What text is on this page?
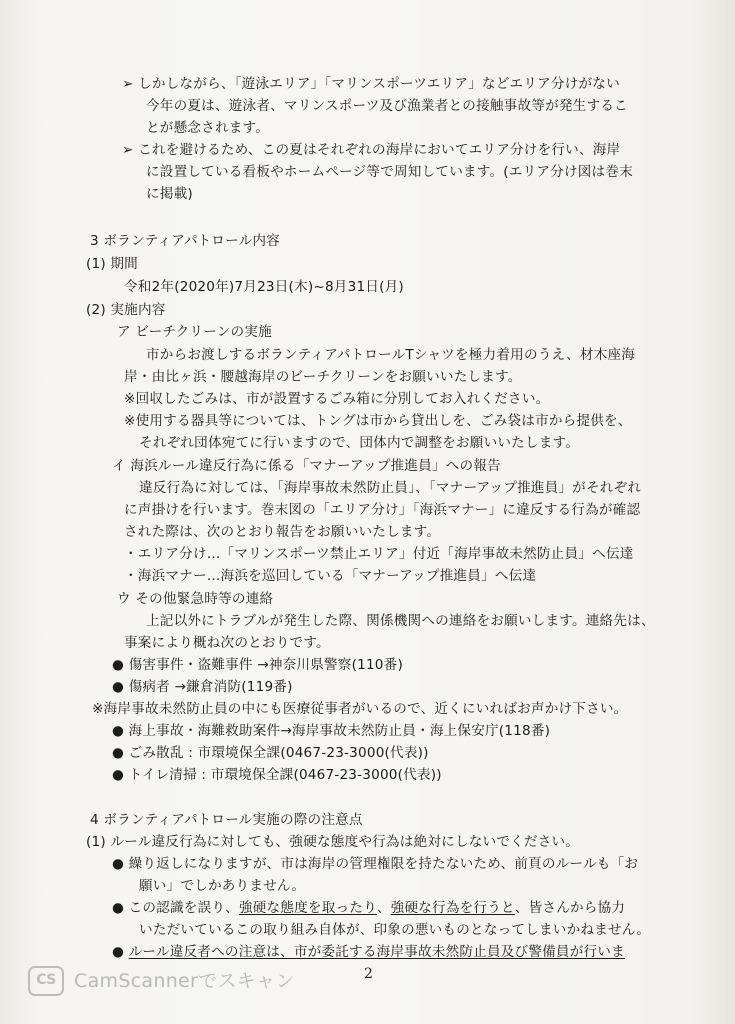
➢ しかしながら、「遊泳エリア」「マリンスポーツエリア」などエリア分けがない
今年の夏は、遊泳者、マリンスポーツ及び漁業者との接触事故等が発生するこ
とが懸念されます。
➢ これを避けるため、この夏はそれぞれの海岸においてエリア分けを行い、海岸
に設置している看板やホームページ等で周知しています。(エリア分け図は巻末
に掲載)
3 ボランティアパトロール内容
(1) 期間
令和2年(2020年)7月23日(木)~8月31日(月)
(2) 実施内容
ア ビーチクリーンの実施
市からお渡しするボランティアパトロールTシャツを極力着用のうえ、材木座海
岸・由比ヶ浜・腰越海岸のビーチクリーンをお願いいたします。
※回収したごみは、市が設置するごみ箱に分別してお入れください。
※使用する器具等については、トングは市から貸出しを、ごみ袋は市から提供を、
それぞれ団体宛てに行いますので、団体内で調整をお願いいたします。
イ 海浜ルール違反行為に係る「マナーアップ推進員」への報告
違反行為に対しては、「海岸事故未然防止員」、「マナーアップ推進員」がそれぞれ
に声掛けを行います。巻末図の「エリア分け」「海浜マナー」に違反する行為が確認
された際は、次のとおり報告をお願いいたします。
・エリア分け…「マリンスポーツ禁止エリア」付近「海岸事故未然防止員」へ伝達
・海浜マナー…海浜を巡回している「マナーアップ推進員」へ伝達
ウ その他緊急時等の連絡
上記以外にトラブルが発生した際、関係機関への連絡をお願いします。連絡先は、
事案により概ね次のとおりです。
● 傷害事件・盗難事件 →神奈川県警察(110番)
● 傷病者 →鎌倉消防(119番)
※海岸事故未然防止員の中にも医療従事者がいるので、近くにいればお声かけ下さい。
● 海上事故・海難救助案件→海岸事故未然防止員・海上保安庁(118番)
● ごみ散乱 : 市環境保全課(0467-23-3000(代表))
● トイレ清掃 : 市環境保全課(0467-23-3000(代表))
4 ボランティアパトロール実施の際の注意点
(1) ルール違反行為に対しても、強硬な態度や行為は絶対にしないでください。
● 繰り返しになりますが、市は海岸の管理権限を持たないため、前頁のルールも「お
願い」でしかありません。
● この認識を誤り、強硬な態度を取ったり、強硬な行為を行うと、皆さんから協力
いただいているこの取り組み自体が、印象の悪いものとなってしまいかねません。
● ルール違反者への注意は、市が委託する海岸事故未然防止員及び警備員が行いま
CS CamScannerでスキャン	2
